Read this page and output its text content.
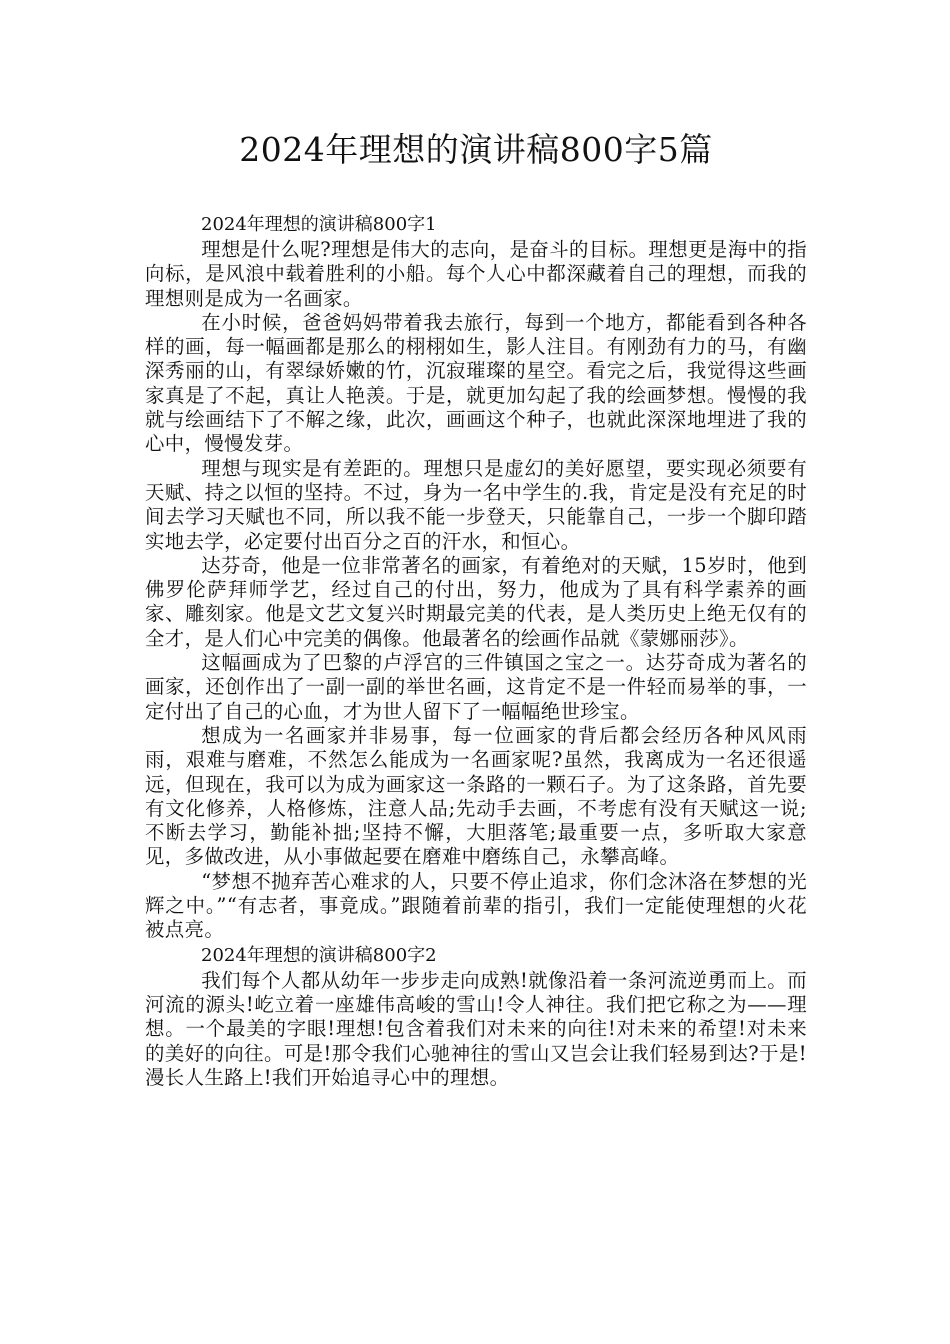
2024年理想的演讲稿800字5篇

2024年理想的演讲稿800字1

理想是什么呢?理想是伟大的志向，是奋斗的目标。理想更是海中的指向标，是风浪中载着胜利的小船。每个人心中都深藏着自己的理想，而我的理想则是成为一名画家。

在小时候，爸爸妈妈带着我去旅行，每到一个地方，都能看到各种各样的画，每一幅画都是那么的栩栩如生，影人注目。有刚劲有力的马，有幽深秀丽的山，有翠绿娇嫩的竹，沉寂璀璨的星空。看完之后，我觉得这些画家真是了不起，真让人艳羡。于是，就更加勾起了我的绘画梦想。慢慢的我就与绘画结下了不解之缘，此次，画画这个种子，也就此深深地埋进了我的心中，慢慢发芽。

理想与现实是有差距的。理想只是虚幻的美好愿望，要实现必须要有天赋、持之以恒的坚持。不过，身为一名中学生的.我，肯定是没有充足的时间去学习天赋也不同，所以我不能一步登天，只能靠自己，一步一个脚印踏实地去学，必定要付出百分之百的汗水，和恒心。

达芬奇，他是一位非常著名的画家，有着绝对的天赋，15岁时，他到佛罗伦萨拜师学艺，经过自己的付出，努力，他成为了具有科学素养的画家、雕刻家。他是文艺文复兴时期最完美的代表，是人类历史上绝无仅有的全才，是人们心中完美的偶像。他最著名的绘画作品就《蒙娜丽莎》。

这幅画成为了巴黎的卢浮宫的三件镇国之宝之一。达芬奇成为著名的画家，还创作出了一副一副的举世名画，这肯定不是一件轻而易举的事，一定付出了自己的心血，才为世人留下了一幅幅绝世珍宝。

想成为一名画家并非易事，每一位画家的背后都会经历各种风风雨雨，艰难与磨难，不然怎么能成为一名画家呢?虽然，我离成为一名还很遥远，但现在，我可以为成为画家这一条路的一颗石子。为了这条路，首先要有文化修养，人格修炼，注意人品;先动手去画，不考虑有没有天赋这一说;不断去学习，勤能补拙;坚持不懈，大胆落笔;最重要一点，多听取大家意见，多做改进，从小事做起要在磨难中磨练自己，永攀高峰。

“梦想不抛弃苦心难求的人，只要不停止追求，你们念沐洛在梦想的光辉之中。”“有志者，事竟成。”跟随着前辈的指引，我们一定能使理想的火花被点亮。

2024年理想的演讲稿800字2

我们每个人都从幼年一步步走向成熟!就像沿着一条河流逆勇而上。而河流的源头!屹立着一座雄伟高峻的雪山!令人神往。我们把它称之为——理想。一个最美的字眼!理想!包含着我们对未来的向往!对未来的希望!对未来的美好的向往。可是!那令我们心驰神往的雪山又岂会让我们轻易到达?于是!漫长人生路上!我们开始追寻心中的理想。
